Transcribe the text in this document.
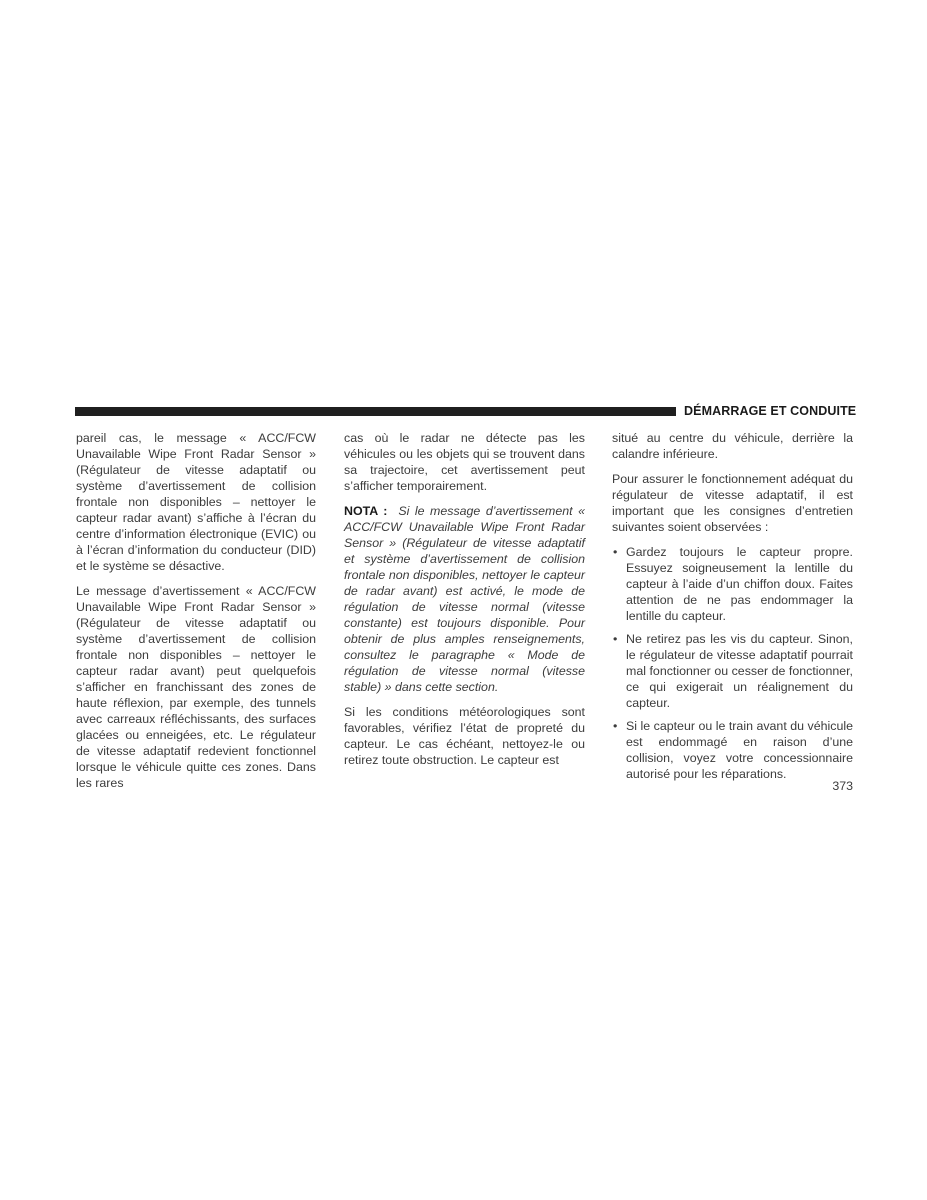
DÉMARRAGE ET CONDUITE

pareil cas, le message « ACC/FCW Unavailable Wipe Front Radar Sensor » (Régulateur de vitesse adaptatif ou système d’avertissement de collision frontale non disponibles – nettoyer le capteur radar avant) s’affiche à l’écran du centre d’information électronique (EVIC) ou à l’écran d’information du conducteur (DID) et le système se désactive.

Le message d’avertissement « ACC/FCW Unavailable Wipe Front Radar Sensor » (Régulateur de vitesse adaptatif ou système d’avertissement de collision frontale non disponibles – nettoyer le capteur radar avant) peut quelquefois s’afficher en franchissant des zones de haute réflexion, par exemple, des tunnels avec carreaux réfléchissants, des surfaces glacées ou enneigées, etc. Le régulateur de vitesse adaptatif redevient fonctionnel lorsque le véhicule quitte ces zones. Dans les rares

cas où le radar ne détecte pas les véhicules ou les objets qui se trouvent dans sa trajectoire, cet avertissement peut s’afficher temporairement.

NOTA : Si le message d’avertissement « ACC/FCW Unavailable Wipe Front Radar Sensor » (Régulateur de vitesse adaptatif et système d’avertissement de collision frontale non disponibles, nettoyer le capteur de radar avant) est activé, le mode de régulation de vitesse normal (vitesse constante) est toujours disponible. Pour obtenir de plus amples renseignements, consultez le paragraphe « Mode de régulation de vitesse normal (vitesse stable) » dans cette section.

Si les conditions météorologiques sont favorables, vérifiez l’état de propreté du capteur. Le cas échéant, nettoyez-le ou retirez toute obstruction. Le capteur est

situé au centre du véhicule, derrière la calandre inférieure.

Pour assurer le fonctionnement adéquat du régulateur de vitesse adaptatif, il est important que les consignes d’entretien suivantes soient observées :

• Gardez toujours le capteur propre. Essuyez soigneusement la lentille du capteur à l’aide d’un chiffon doux. Faites attention de ne pas endommager la lentille du capteur.
• Ne retirez pas les vis du capteur. Sinon, le régulateur de vitesse adaptatif pourrait mal fonctionner ou cesser de fonctionner, ce qui exigerait un réalignement du capteur.
• Si le capteur ou le train avant du véhicule est endommagé en raison d’une collision, voyez votre concessionnaire autorisé pour les réparations.
373
